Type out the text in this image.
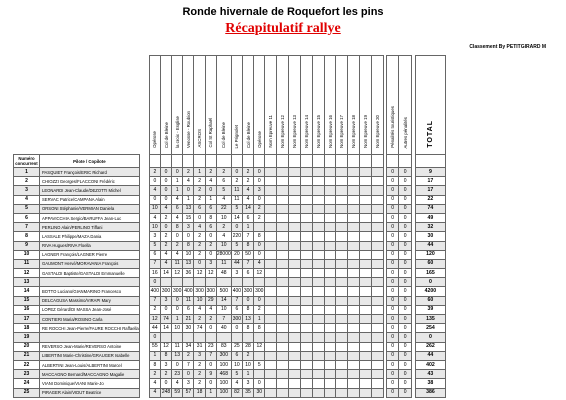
Ronde hivernale de Roquefort les pins
Récapitulatif rallye
Classement By PETITGIRARD M
			Opérose	Col de Bleine	la croix - Esglise	Venosse - Roubion	ASCROS	Col St Raphaël	Col de Bleine	Le Prignolet	Col de Bleine	Opérose	Nom Epreuve 11	Nom Epreuve 12	Nom Epreuve 13	Nom Epreuve 14	Nom Epreuve 15	Nom Epreuve 16	Nom Epreuve 17	Nom Epreuve 18	Nom Epreuve 19	Nom Epreuve 20		Pénalités touristiques	Autres pénalités		TOTAL
Numéro concurrent	Pilote / Copilote																										
1	PASQUIET François/ERIC Richard		2	0	0	2	1	2	2	0	2	0												0	0		9
2	CHIOZZI Georges/FLACCONI Frédéric		0	0	1	4	2	4	6	2	2	0												0	0		17
3	LEONARDI Jean-Claude/DEZOTTI Michel		4	0	1	0	2	0	5	11	4	3												0	0		17
4	SERVAC Patrice/CAMPANA Alain		0	0	4	1	2	1	4	11	4	0												0	0		22
5	ORSONI Stéphanie/VERMIAN Daniela		10	4	6	13	6	6	22	5	14	2												0	0		74
6	APPAVICCHIA Sergio/BARUFFA Jean-Luc		4	2	4	15	0	8	10	14	6	2												0	0		49
7	PERLINO Alain/PERLINO Tiffani		10	0	8	3	4	6	2	0	1													0	0		32
8	LASSALE Philippe/MAZA Dania		3	2	0	0	2	0	4	220	7	8												0	0		30
9	RIVA Hugues/RIVA Floella		5	2	2	8	2	2	10	5	8	0												0	0		44
10	LAGNER François/LAGNER Pierre		6	4	4	10	2	0	28000	20	50	0												0	0		120
11	GAUMONT Hervé/MORAVANIA François		7	4	11	13	0	3	11	44	7	4												0	0		60
12	GASTALDI Baptiste/GASTALDI Emmanuelle		16	14	12	36	12	12	48	3	6	12												0	0		165
13			0																					0	0		0
14	BOTTO Luciano/GIANMARINO Francesco		400	300	300	400	300	300	500	400	300	300												0	0		4200
15	DELCAGUSA Massimo/VIRAPI Mary		7	3	0	11	10	29	14	7	0	0												0	0		60
16	LOPEZ Gérard/DI MASSA Jean-José		2	0	0	6	4	4	10	6	8	2												0	0		39
17	CONTIERI Maria/ROSINO Carla		12	74	1	21	2	2	7	300	13	1												0	0		135
18	RE ROCCHI Jean-Pierre/FAURE ROCCHI Raffaella		44	14	10	30	74	0	40	0	8	8												0	0		254
19			0																					0	0		0
20	REVERSO Jean-Marie/REVERSO Antoine		55	12	11	34	31	23	83	25	28	12												0	0		262
21	LIBERTINI Marie-Christine/GRAUGER Isabelle		1	8	13	2	3	7	300	6	2													0	0		44
22	ALBERTINI Jean-Louis/ALBERTINI Marcel		8	3	0	7	2	0	100	10	10	5												0	0		402
23	MACCAGNO Bernard/MACCAGNO Magalie		2	2	23	0	2	9	468	5	1													0	0		43
24	VIANI Dominique/VIANI Marie-Jo		4	0	4	3	2	0	100	4	3	0												0	0		38
25	PIRAGER Alain/VIDUT Beatrice		4	248	59	57	18	1	100	82	35	30												0	0		386
